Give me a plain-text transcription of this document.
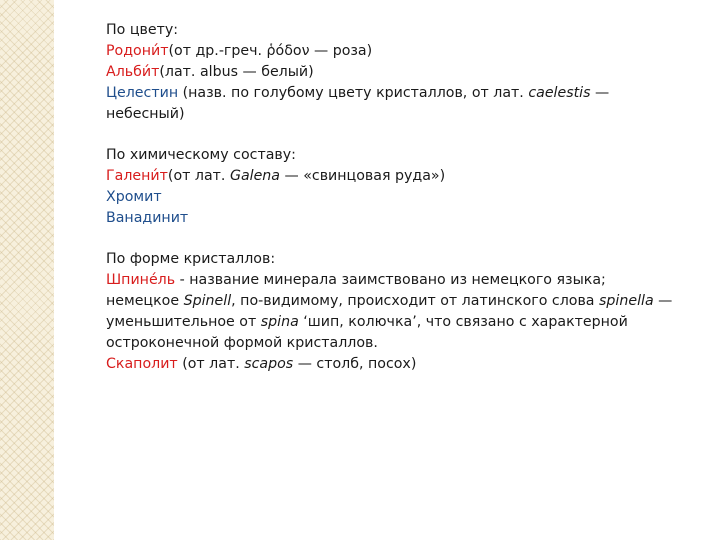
По цвету:

Родони́т(от др.-греч. ῥόδον — роза)

Альби́т(лат. albus — белый)

Целестин (назв. по голубому цвету кристаллов, от лат. caelestis —

небесный)

По химическому составу:

Галени́т(от лат. Galena — «свинцовая руда»)

Хромит

Ванадинит

По форме кристаллов:

Шпине́ль - название минерала заимствовано из немецкого языка;

немецкое Spinell, по-видимому, происходит от латинского слова spinella —

уменьшительное от spina ‘шип, колючка’, что связано с характерной

остроконечной формой кристаллов.

Скаполит (от лат. scapos — столб, посох)
